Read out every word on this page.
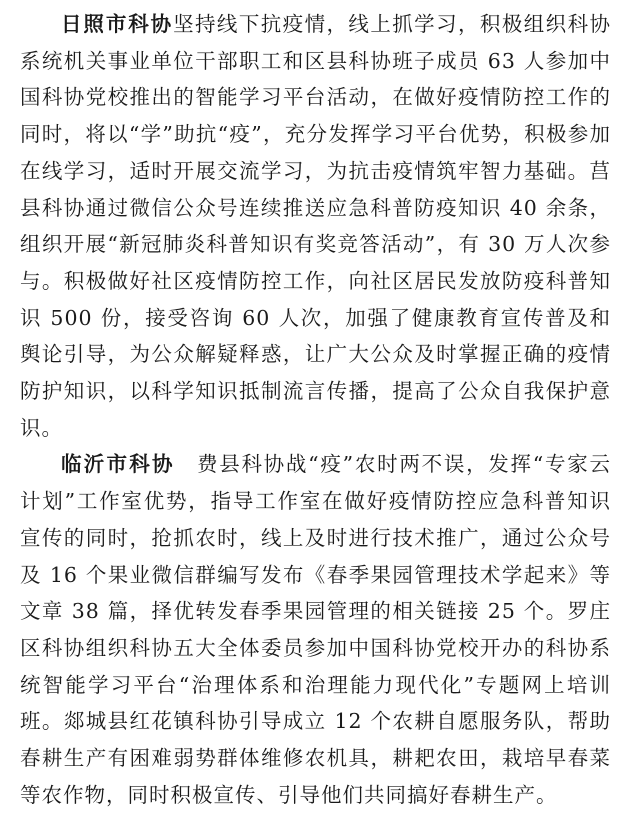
日照市科协坚持线下抗疫情，线上抓学习，积极组织科协系统机关事业单位干部职工和区县科协班子成员 63 人参加中国科协党校推出的智能学习平台活动，在做好疫情防控工作的同时，将以“学”助抗“疫”，充分发挥学习平台优势，积极参加在线学习，适时开展交流学习，为抗击疫情筑牢智力基础。莒县科协通过微信公众号连续推送应急科普防疫知识 40 余条，组织开展“新冠肺炎科普知识有奖竞答活动”，有 30 万人次参与。积极做好社区疫情防控工作，向社区居民发放防疫科普知识 500 份，接受咨询 60 人次，加强了健康教育宣传普及和舆论引导，为公众解疑释惑，让广大公众及时掌握正确的疫情防护知识，以科学知识抵制流言传播，提高了公众自我保护意识。

临沂市科协　费县科协战“疫”农时两不误，发挥“专家云计划”工作室优势，指导工作室在做好疫情防控应急科普知识宣传的同时，抢抓农时，线上及时进行技术推广，通过公众号及 16 个果业微信群编写发布《春季果园管理技术学起来》等文章 38 篇，择优转发春季果园管理的相关链接 25 个。罗庄区科协组织科协五大全体委员参加中国科协党校开办的科协系统智能学习平台“治理体系和治理能力现代化”专题网上培训班。郯城县红花镇科协引导成立 12 个农耕自愿服务队，帮助春耕生产有困难弱势群体维修农机具，耕耙农田，栽培早春菜等农作物，同时积极宣传、引导他们共同搞好春耕生产。
